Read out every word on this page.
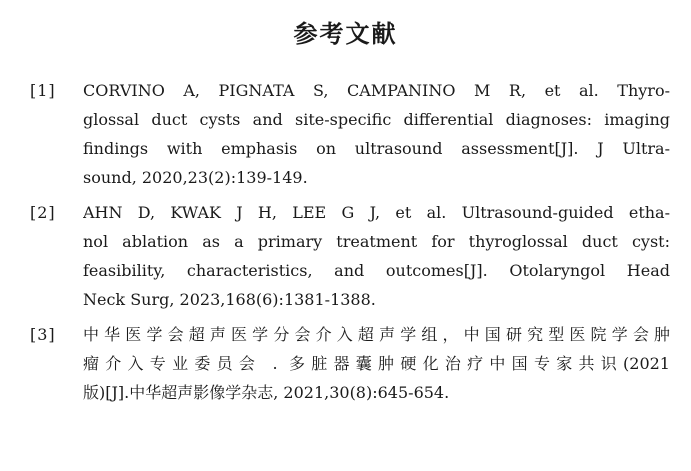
参考文献
[1]	CORVINO A, PIGNATA S, CAMPANINO M R, et al. Thyro-
glossal duct cysts and site-specific differential diagnoses: imaging
findings with emphasis on ultrasound assessment[J]. J Ultra-
sound, 2020,23(2):139-149.
[2]	AHN D, KWAK J H, LEE G J, et al. Ultrasound-guided etha-
nol ablation as a primary treatment for thyroglossal duct cyst:
feasibility, characteristics, and outcomes[J]. Otolaryngol Head
Neck Surg, 2023,168(6):1381-1388.
[3]	中华医学会超声医学分会介入超声学组，中国研究型医院学会肿
瘤介入专业委员会 . 多脏器囊肿硬化治疗中国专家共识(2021
版)[J].中华超声影像学杂志, 2021,30(8):645-654.
